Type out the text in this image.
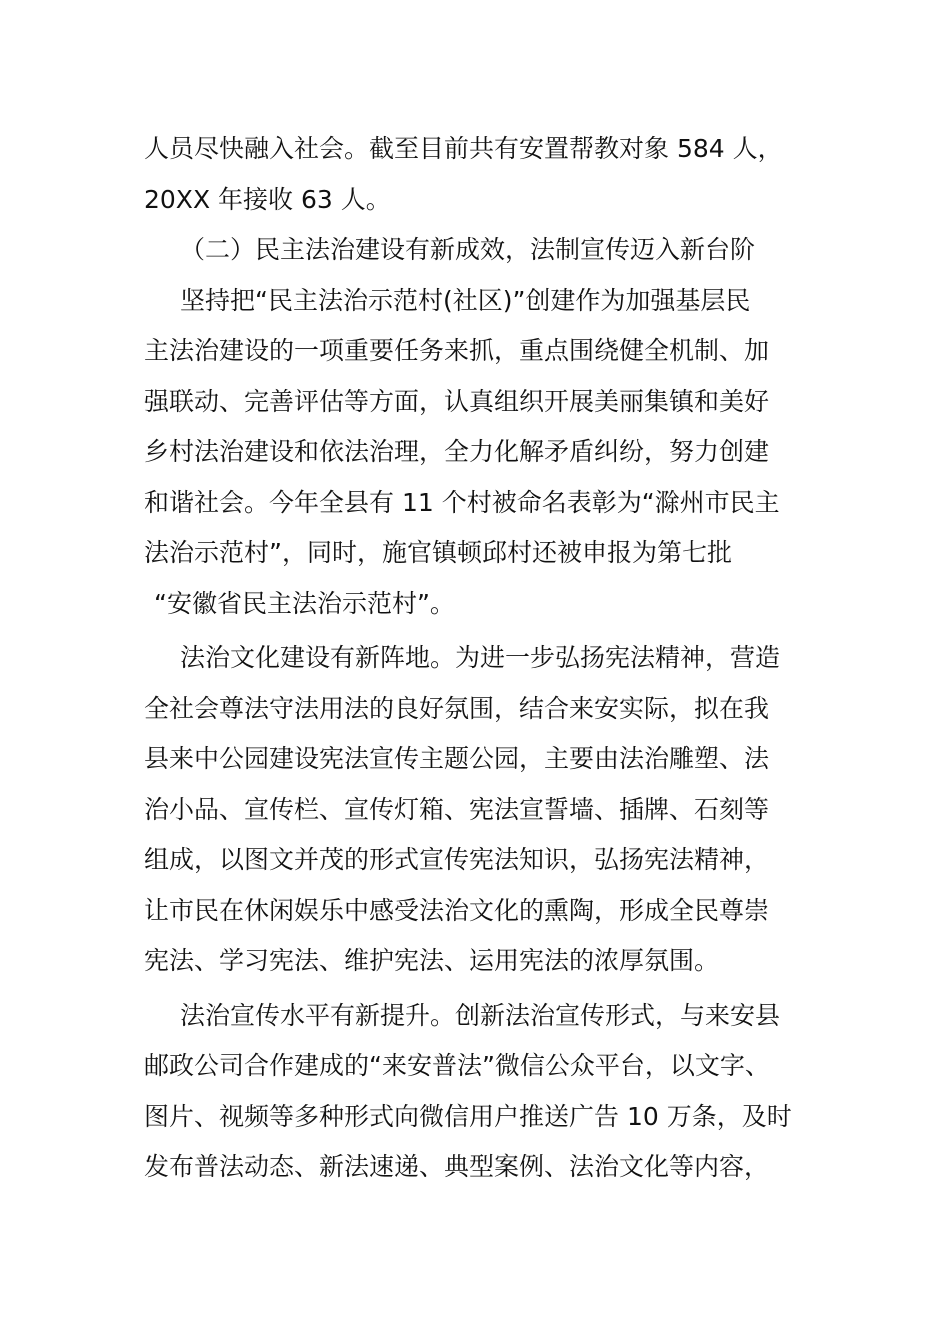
人员尽快融入社会。截至目前共有安置帮教对象 584 人，
20XX 年接收 63 人。
（二）民主法治建设有新成效，法制宣传迈入新台阶
坚持把“民主法治示范村(社区)”创建作为加强基层民
主法治建设的一项重要任务来抓，重点围绕健全机制、加
强联动、完善评估等方面，认真组织开展美丽集镇和美好
乡村法治建设和依法治理，全力化解矛盾纠纷，努力创建
和谐社会。今年全县有 11 个村被命名表彰为“滁州市民主
法治示范村”，同时，施官镇顿邱村还被申报为第七批
“安徽省民主法治示范村”。
法治文化建设有新阵地。为进一步弘扬宪法精神，营造
全社会尊法守法用法的良好氛围，结合来安实际，拟在我
县来中公园建设宪法宣传主题公园，主要由法治雕塑、法
治小品、宣传栏、宣传灯箱、宪法宣誓墙、插牌、石刻等
组成，以图文并茂的形式宣传宪法知识，弘扬宪法精神，
让市民在休闲娱乐中感受法治文化的熏陶，形成全民尊崇
宪法、学习宪法、维护宪法、运用宪法的浓厚氛围。
法治宣传水平有新提升。创新法治宣传形式，与来安县
邮政公司合作建成的“来安普法”微信公众平台，以文字、
图片、视频等多种形式向微信用户推送广告 10 万条，及时
发布普法动态、新法速递、典型案例、法治文化等内容，
